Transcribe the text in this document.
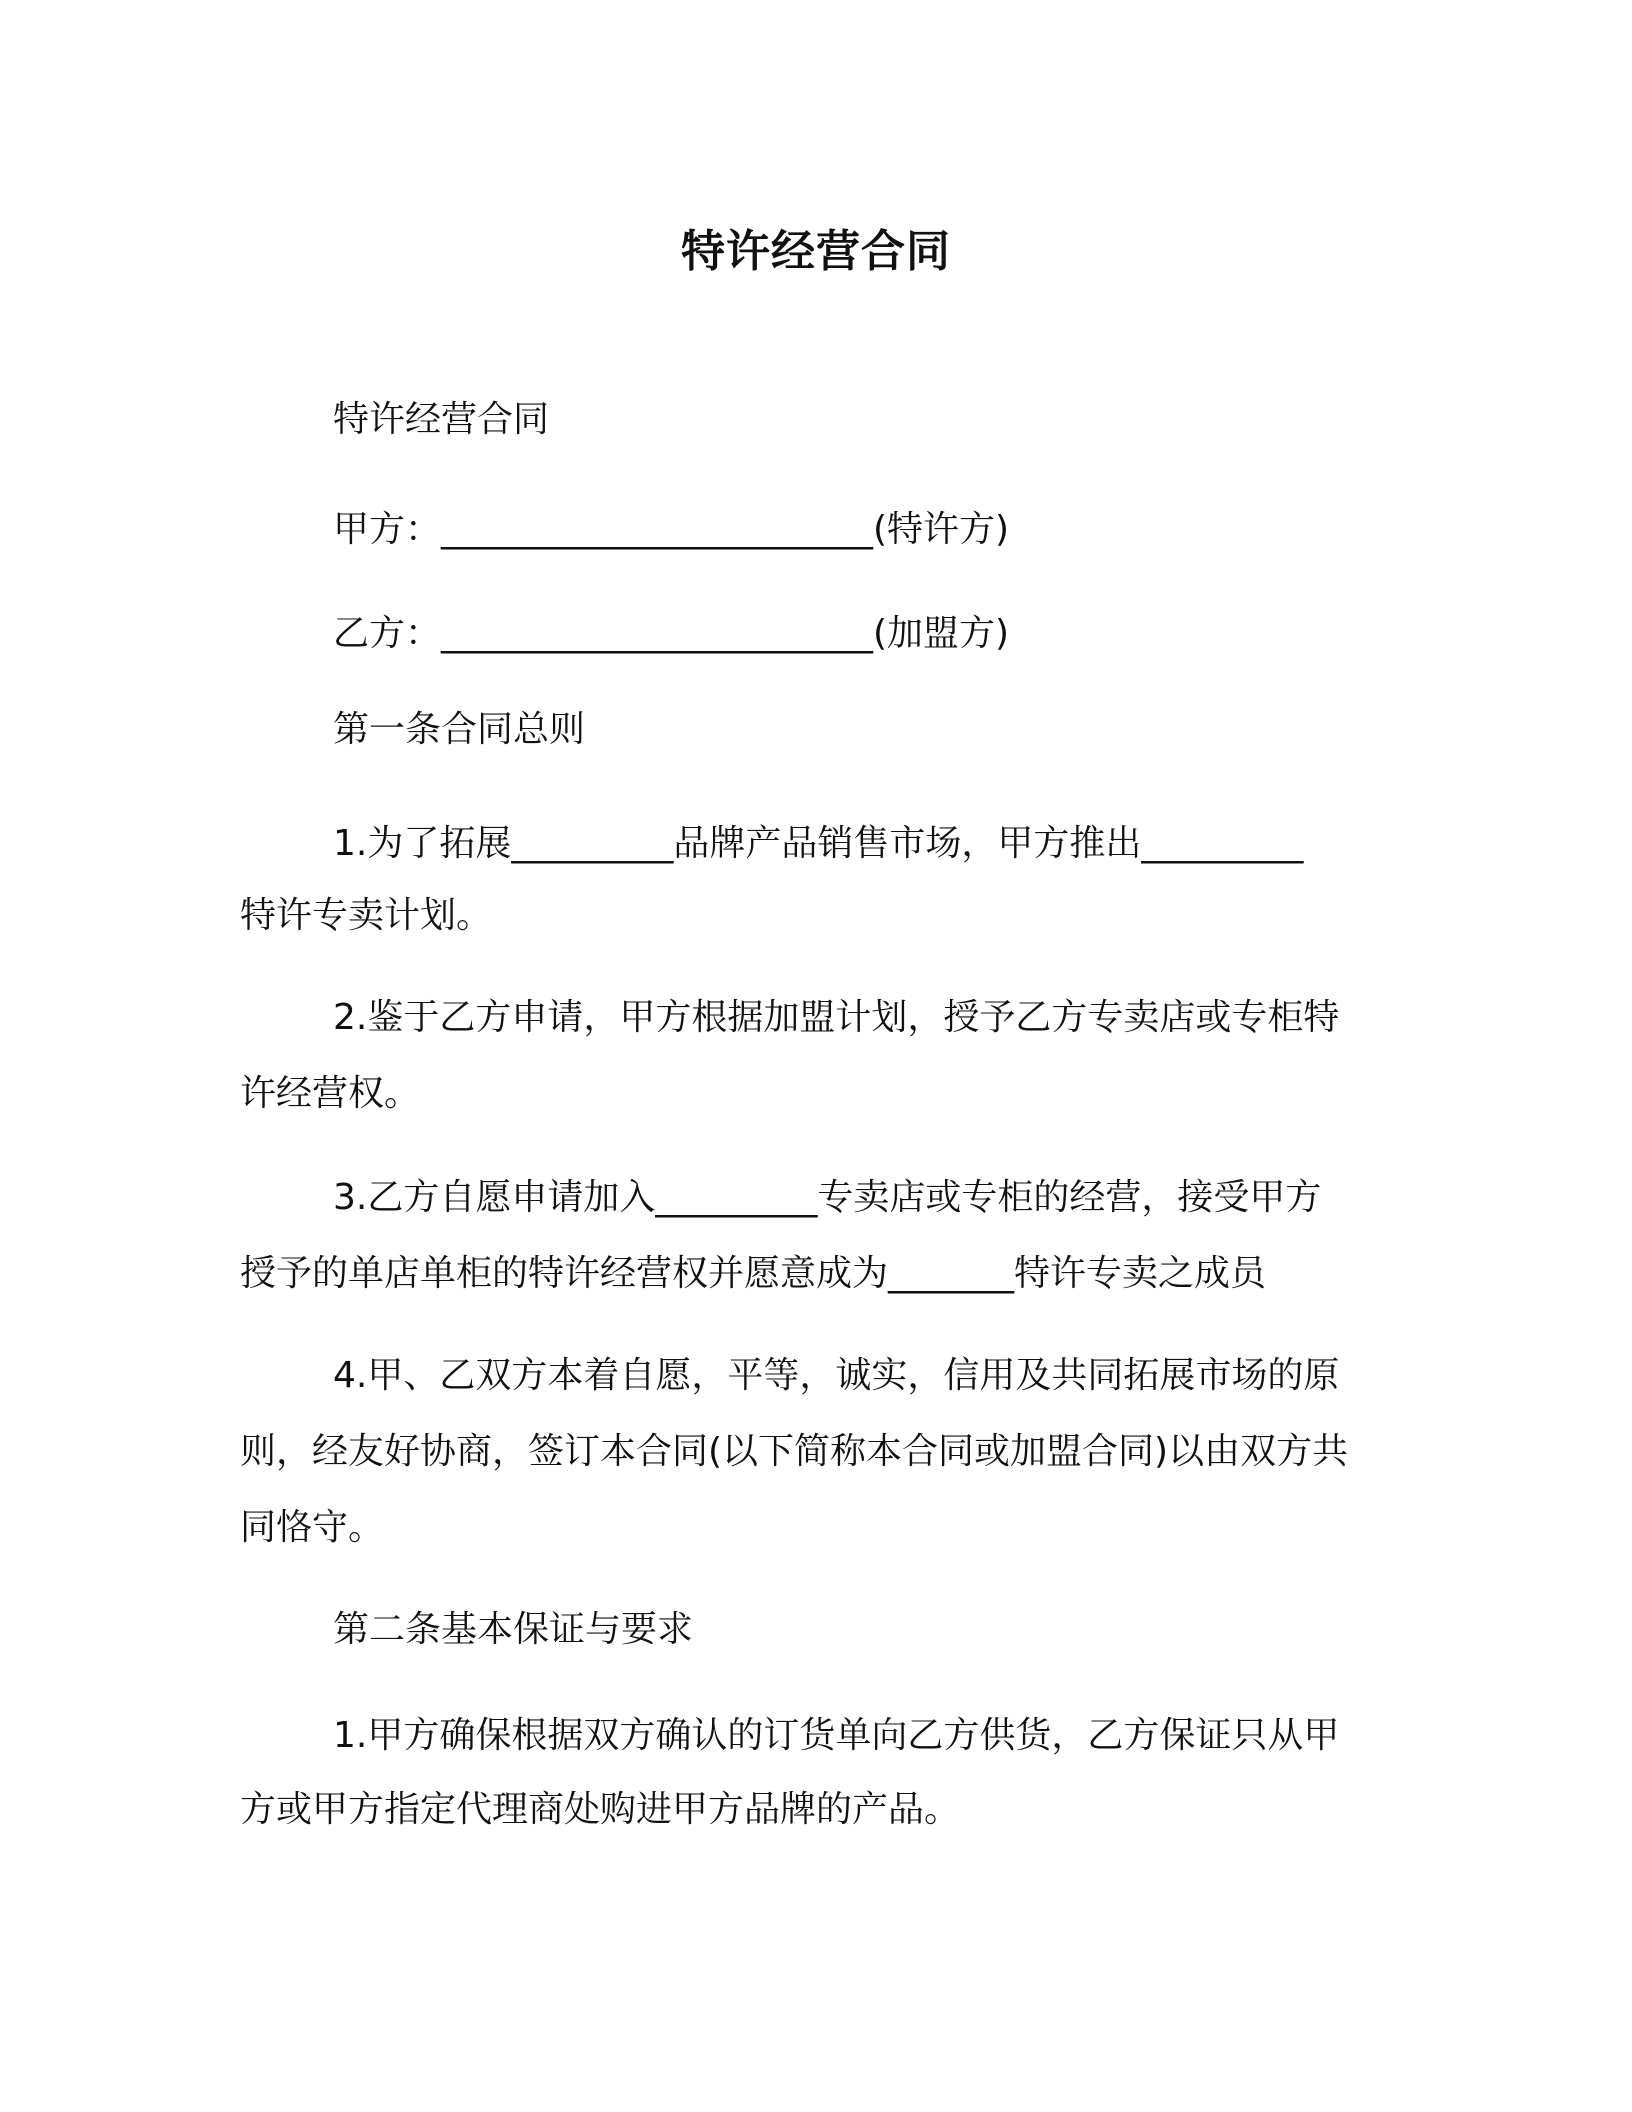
特许经营合同
特许经营合同
甲方：________________________(特许方)
乙方：________________________(加盟方)
第一条合同总则
1.为了拓展_________品牌产品销售市场，甲方推出_________
特许专卖计划。
2.鉴于乙方申请，甲方根据加盟计划，授予乙方专卖店或专柜特
许经营权。
3.乙方自愿申请加入_________专卖店或专柜的经营，接受甲方
授予的单店单柜的特许经营权并愿意成为_______特许专卖之成员
4.甲、乙双方本着自愿，平等，诚实，信用及共同拓展市场的原
则，经友好协商，签订本合同(以下简称本合同或加盟合同)以由双方共
同恪守。
第二条基本保证与要求
1.甲方确保根据双方确认的订货单向乙方供货，乙方保证只从甲
方或甲方指定代理商处购进甲方品牌的产品。
